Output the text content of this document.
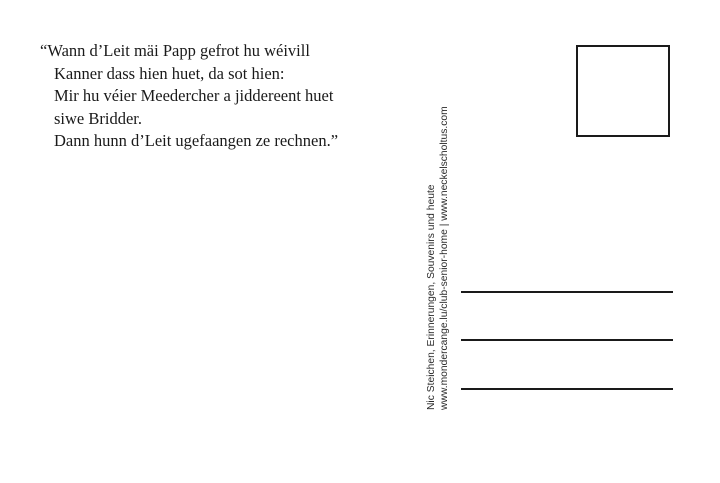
“Wann d’Leit mäi Papp gefrot hu wéivill
Kanner dass hien huet, da sot hien:
Mir hu véier Meedercher a jiddereent huet
siwe Bridder.
Dann hunn d’Leit ugefaangen ze rechnen.”
Nic Steichen, Erinnerungen, Souvenirs und heute www.mondercange.lu/club-senior-home | www.neckelscholtus.com
